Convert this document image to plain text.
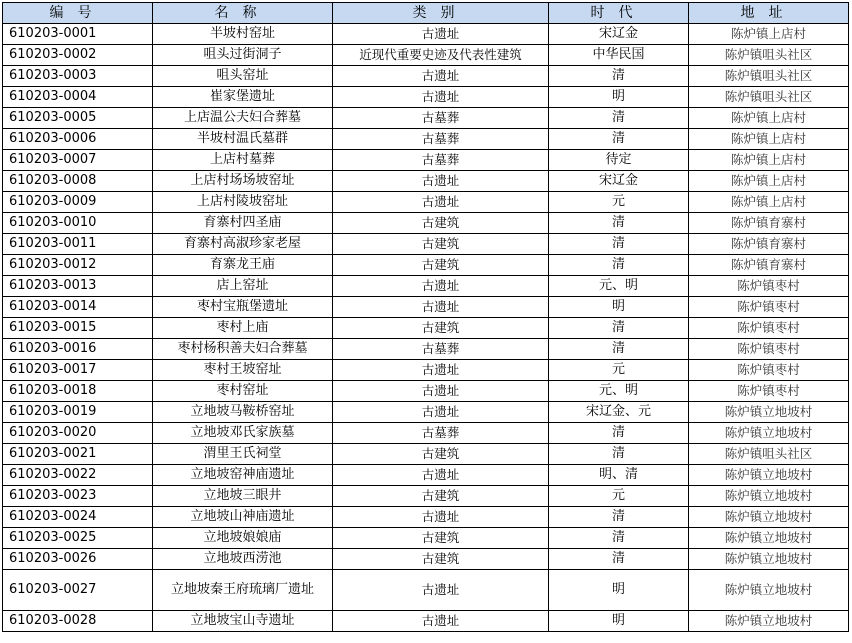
编号	名称	类别	时代	地址
610203-0001	半坡村窑址	古遗址	宋辽金	陈炉镇上店村
610203-0002	咀头过街洞子	近现代重要史迹及代表性建筑	中华民国	陈炉镇咀头社区
610203-0003	咀头窑址	古遗址	清	陈炉镇咀头社区
610203-0004	崔家堡遗址	古遗址	明	陈炉镇咀头社区
610203-0005	上店温公夫妇合葬墓	古墓葬	清	陈炉镇上店村
610203-0006	半坡村温氏墓群	古墓葬	清	陈炉镇上店村
610203-0007	上店村墓葬	古墓葬	待定	陈炉镇上店村
610203-0008	上店村场场坡窑址	古遗址	宋辽金	陈炉镇上店村
610203-0009	上店村陵坡窑址	古遗址	元	陈炉镇上店村
610203-0010	育寨村四圣庙	古建筑	清	陈炉镇育寨村
610203-0011	育寨村高淑珍家老屋	古建筑	清	陈炉镇育寨村
610203-0012	育寨龙王庙	古建筑	清	陈炉镇育寨村
610203-0013	店上窑址	古遗址	元、明	陈炉镇枣村
610203-0014	枣村宝瓶堡遗址	古遗址	明	陈炉镇枣村
610203-0015	枣村上庙	古建筑	清	陈炉镇枣村
610203-0016	枣村杨积善夫妇合葬墓	古墓葬	清	陈炉镇枣村
610203-0017	枣村王坡窑址	古遗址	元	陈炉镇枣村
610203-0018	枣村窑址	古遗址	元、明	陈炉镇枣村
610203-0019	立地坡马鞍桥窑址	古遗址	宋辽金、元	陈炉镇立地坡村
610203-0020	立地坡邓氏家族墓	古墓葬	清	陈炉镇立地坡村
610203-0021	渭里王氏祠堂	古建筑	清	陈炉镇咀头社区
610203-0022	立地坡窑神庙遗址	古遗址	明、清	陈炉镇立地坡村
610203-0023	立地坡三眼井	古建筑	元	陈炉镇立地坡村
610203-0024	立地坡山神庙遗址	古遗址	清	陈炉镇立地坡村
610203-0025	立地坡娘娘庙	古建筑	清	陈炉镇立地坡村
610203-0026	立地坡西涝池	古建筑	清	陈炉镇立地坡村
610203-0027	立地坡秦王府琉璃厂遗址	古遗址	明	陈炉镇立地坡村
610203-0028	立地坡宝山寺遗址	古遗址	明	陈炉镇立地坡村
